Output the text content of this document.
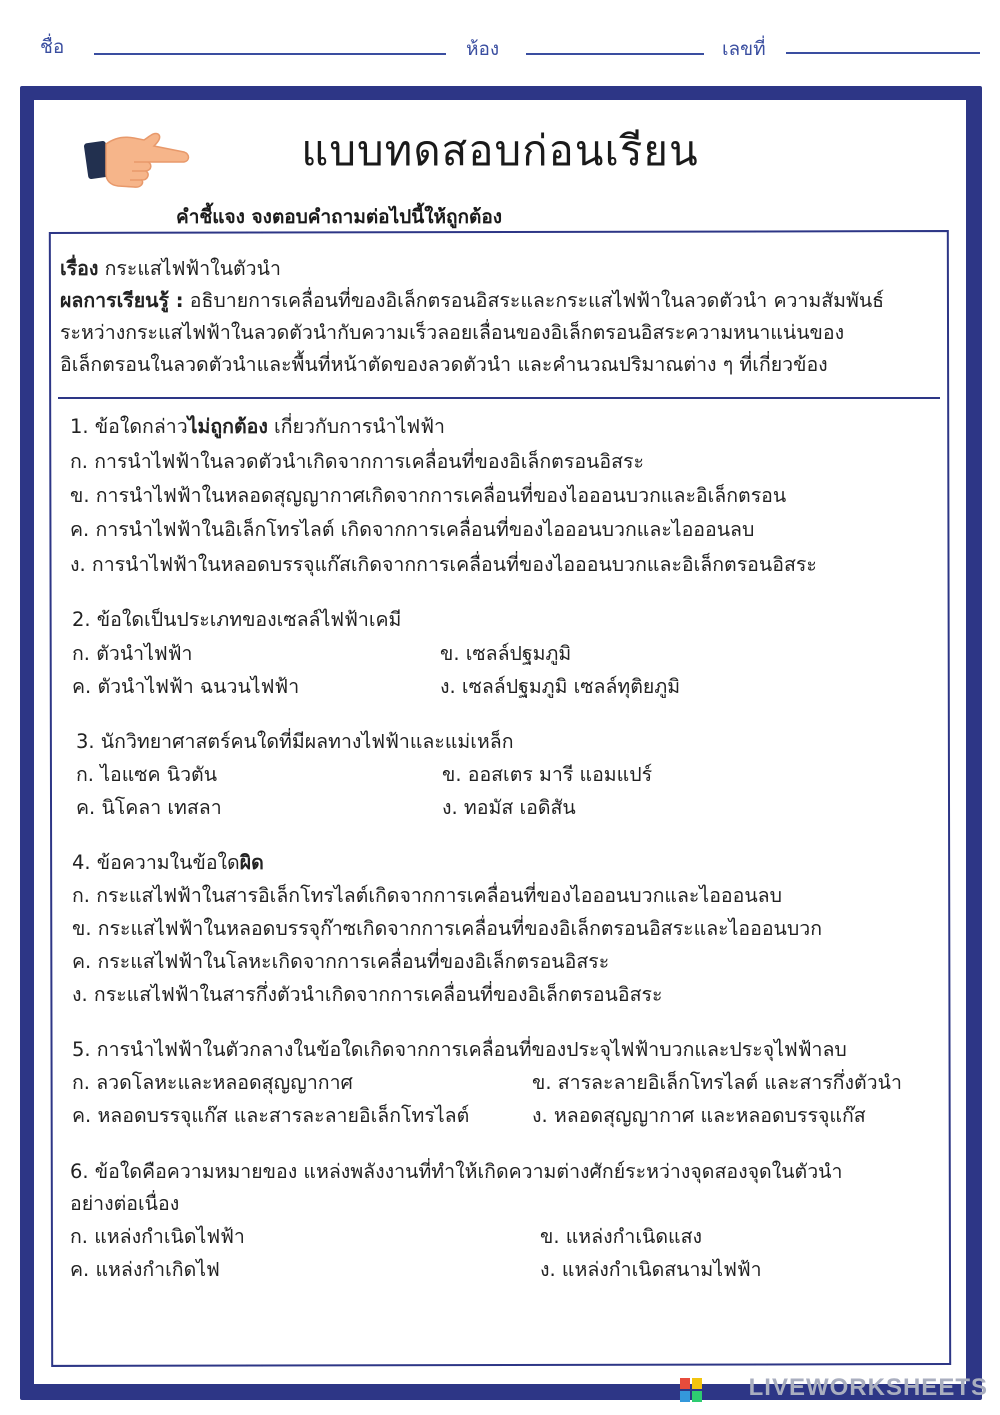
ชื่อ	ห้อง	เลขที่
แบบทดสอบก่อนเรียน
คำชี้แจง จงตอบคำถามต่อไปนี้ให้ถูกต้อง
เรื่อง กระแสไฟฟ้าในตัวนำ
ผลการเรียนรู้ : อธิบายการเคลื่อนที่ของอิเล็กตรอนอิสระและกระแสไฟฟ้าในลวดตัวนำ ความสัมพันธ์
ระหว่างกระแสไฟฟ้าในลวดตัวนำกับความเร็วลอยเลื่อนของอิเล็กตรอนอิสระความหนาแน่นของ
อิเล็กตรอนในลวดตัวนำและพื้นที่หน้าตัดของลวดตัวนำ และคำนวณปริมาณต่าง ๆ ที่เกี่ยวข้อง
1. ข้อใดกล่าวไม่ถูกต้อง เกี่ยวกับการนำไฟฟ้า
ก. การนำไฟฟ้าในลวดตัวนำเกิดจากการเคลื่อนที่ของอิเล็กตรอนอิสระ
ข. การนำไฟฟ้าในหลอดสุญญากาศเกิดจากการเคลื่อนที่ของไอออนบวกและอิเล็กตรอน
ค. การนำไฟฟ้าในอิเล็กโทรไลต์ เกิดจากการเคลื่อนที่ของไอออนบวกและไอออนลบ
ง. การนำไฟฟ้าในหลอดบรรจุแก๊สเกิดจากการเคลื่อนที่ของไอออนบวกและอิเล็กตรอนอิสระ
2. ข้อใดเป็นประเภทของเซลล์ไฟฟ้าเคมี
ก. ตัวนำไฟฟ้า	ข. เซลล์ปฐมภูมิ
ค. ตัวนำไฟฟ้า ฉนวนไฟฟ้า	ง. เซลล์ปฐมภูมิ เซลล์ทุติยภูมิ
3. นักวิทยาศาสตร์คนใดที่มีผลทางไฟฟ้าและแม่เหล็ก
ก. ไอแซค นิวตัน	ข. ออสเตร มารี แอมแปร์
ค. นิโคลา เทสลา	ง. ทอมัส เอดิสัน
4. ข้อความในข้อใดผิด
ก. กระแสไฟฟ้าในสารอิเล็กโทรไลต์เกิดจากการเคลื่อนที่ของไอออนบวกและไอออนลบ
ข. กระแสไฟฟ้าในหลอดบรรจุก๊าซเกิดจากการเคลื่อนที่ของอิเล็กตรอนอิสระและไอออนบวก
ค. กระแสไฟฟ้าในโลหะเกิดจากการเคลื่อนที่ของอิเล็กตรอนอิสระ
ง. กระแสไฟฟ้าในสารกึ่งตัวนำเกิดจากการเคลื่อนที่ของอิเล็กตรอนอิสระ
5. การนำไฟฟ้าในตัวกลางในข้อใดเกิดจากการเคลื่อนที่ของประจุไฟฟ้าบวกและประจุไฟฟ้าลบ
ก. ลวดโลหะและหลอดสุญญากาศ	ข. สารละลายอิเล็กโทรไลต์ และสารกึ่งตัวนำ
ค. หลอดบรรจุแก๊ส และสารละลายอิเล็กโทรไลต์	ง. หลอดสุญญากาศ และหลอดบรรจุแก๊ส
6. ข้อใดคือความหมายของ แหล่งพลังงานที่ทำให้เกิดความต่างศักย์ระหว่างจุดสองจุดในตัวนำ
อย่างต่อเนื่อง
ก. แหล่งกำเนิดไฟฟ้า	ข. แหล่งกำเนิดแสง
ค. แหล่งกำเกิดไฟ	ง. แหล่งกำเนิดสนามไฟฟ้า
LIVEWORKSHEETS
